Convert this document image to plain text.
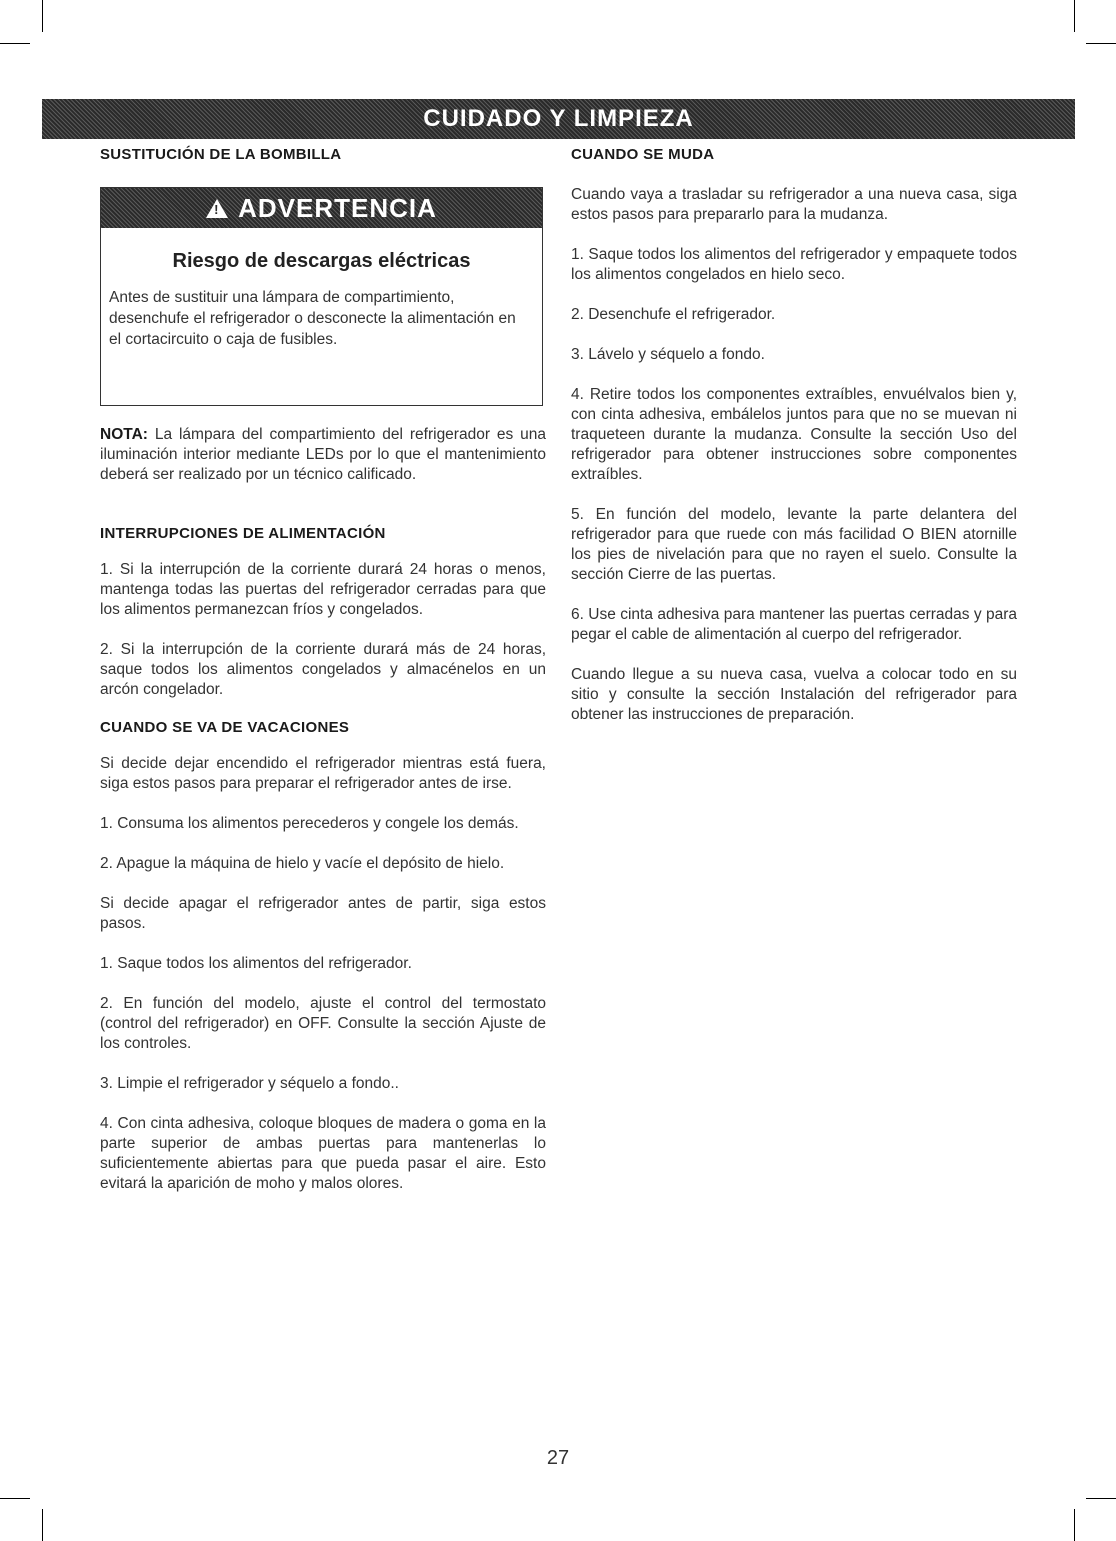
CUIDADO Y LIMPIEZA
SUSTITUCIÓN DE LA BOMBILLA
! ADVERTENCIA
Riesgo de descargas eléctricas

Antes de sustituir una lámpara de compartimiento, desenchufe el refrigerador o desconecte la alimentación en el cortacircuito o caja de fusibles.

NOTA: La lámpara del compartimiento del refrigerador es una iluminación interior mediante LEDs por lo que el mantenimiento deberá ser realizado por un técnico calificado.

INTERRUPCIONES DE ALIMENTACIÓN

1. Si la interrupción de la corriente durará 24 horas o menos, mantenga todas las puertas del refrigerador cerradas para que los alimentos permanezcan fríos y congelados.

2. Si la interrupción de la corriente durará más de 24 horas, saque todos los alimentos congelados y almacénelos en un arcón congelador.

CUANDO SE VA DE VACACIONES

Si decide dejar encendido el refrigerador mientras está fuera, siga estos pasos para preparar el refrigerador antes de irse.

1. Consuma los alimentos perecederos y congele los demás.

2. Apague la máquina de hielo y vacíe el depósito de hielo.

Si decide apagar el refrigerador antes de partir, siga estos pasos.

1. Saque todos los alimentos del refrigerador.

2. En función del modelo, ajuste el control del termostato (control del refrigerador) en OFF. Consulte la sección Ajuste de los controles.

3. Limpie el refrigerador y séquelo a fondo..

4. Con cinta adhesiva, coloque bloques de madera o goma en la parte superior de ambas puertas para mantenerlas lo suficientemente abiertas para que pueda pasar el aire. Esto evitará la aparición de moho y malos olores.

CUANDO SE MUDA

Cuando vaya a trasladar su refrigerador a una nueva casa, siga estos pasos para prepararlo para la mudanza.

1. Saque todos los alimentos del refrigerador y empaquete todos los alimentos congelados en hielo seco.

2. Desenchufe el refrigerador.

3. Lávelo y séquelo a fondo.

4. Retire todos los componentes extraíbles, envuélvalos bien y, con cinta adhesiva, embálelos juntos para que no se muevan ni traqueteen durante la mudanza. Consulte la sección Uso del refrigerador para obtener instrucciones sobre componentes extraíbles.

5. En función del modelo, levante la parte delantera del refrigerador para que ruede con más facilidad O BIEN atornille los pies de nivelación para que no rayen el suelo. Consulte la sección Cierre de las puertas.

6. Use cinta adhesiva para mantener las puertas cerradas y para pegar el cable de alimentación al cuerpo del refrigerador.

Cuando llegue a su nueva casa, vuelva a colocar todo en su sitio y consulte la sección Instalación del refrigerador para obtener las instrucciones de preparación.

27
